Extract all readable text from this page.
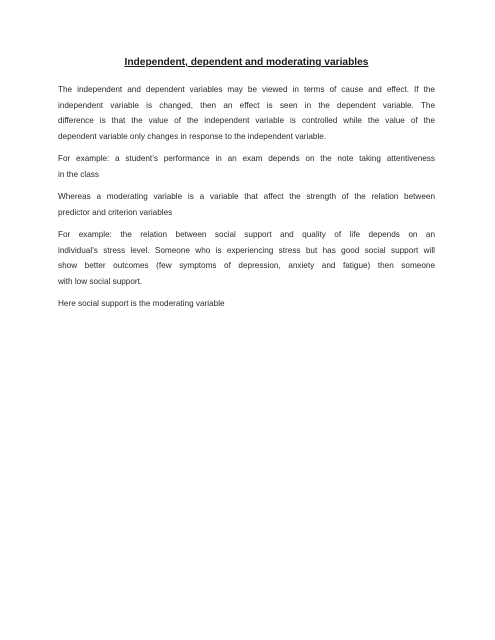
Independent, dependent and moderating variables

The independent and dependent variables may be viewed in terms of cause and effect. If the
independent variable is changed, then an effect is seen in the dependent variable. The
difference is that the value of the independent variable is controlled while the value of the
dependent variable only changes in response to the independent variable.

For example: a student’s performance in an exam depends on the note taking attentiveness
in the class

Whereas a moderating variable is a variable that affect the strength of the relation between
predictor and criterion variables

For example: the relation between social support and quality of life depends on an
individual’s stress level. Someone who is experiencing stress but has good social support will
show better outcomes (few symptoms of depression, anxiety and fatigue) then someone
with low social support.

Here social support is the moderating variable
